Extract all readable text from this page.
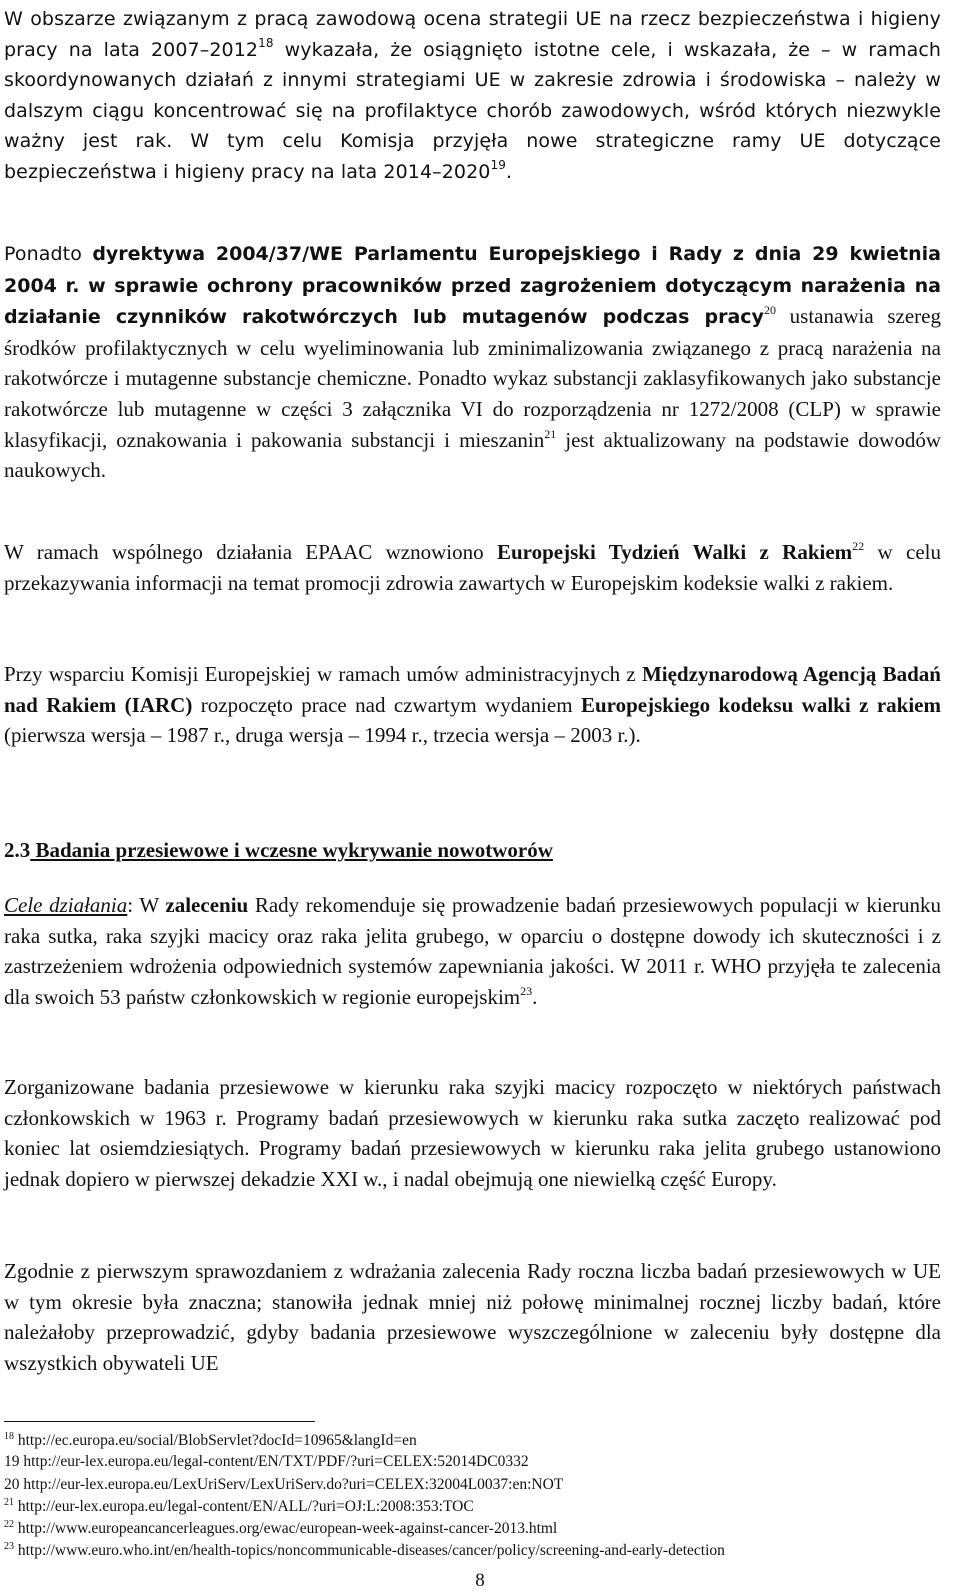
W obszarze związanym z pracą zawodową ocena strategii UE na rzecz bezpieczeństwa i higieny pracy na lata 2007–2012$^{18}$ wykazała, że osiągnięto istotne cele, i wskazała, że – w ramach skoordynowanych działań z innymi strategiami UE w zakresie zdrowia i środowiska – należy w dalszym ciągu koncentrować się na profilaktyce chorób zawodowych, wśród których niezwykle ważny jest rak. W tym celu Komisja przyjęła nowe strategiczne ramy UE dotyczące bezpieczeństwa i higieny pracy na lata 2014–2020$^{19}$.

Ponadto dyrektywa 2004/37/WE Parlamentu Europejskiego i Rady z dnia 29 kwietnia 2004 r. w sprawie ochrony pracowników przed zagrożeniem dotyczącym narażenia na działanie czynników rakotwórczych lub mutagenów podczas pracy$^{20}$ ustanawia szereg środków profilaktycznych w celu wyeliminowania lub zminimalizowania związanego z pracą narażenia na rakotwórcze i mutagenne substancje chemiczne. Ponadto wykaz substancji zaklasyfikowanych jako substancje rakotwórcze lub mutagenne w części 3 załącznika VI do rozporządzenia nr 1272/2008 (CLP) w sprawie klasyfikacji, oznakowania i pakowania substancji i mieszanin$^{21}$ jest aktualizowany na podstawie dowodów naukowych.

W ramach wspólnego działania EPAAC wznowiono Europejski Tydzień Walki z Rakiem$^{22}$ w celu przekazywania informacji na temat promocji zdrowia zawartych w Europejskim kodeksie walki z rakiem.

Przy wsparciu Komisji Europejskiej w ramach umów administracyjnych z Międzynarodową Agencją Badań nad Rakiem (IARC) rozpoczęto prace nad czwartym wydaniem Europejskiego kodeksu walki z rakiem (pierwsza wersja – 1987 r., druga wersja – 1994 r., trzecia wersja – 2003 r.).

2.3 Badania przesiewowe i wczesne wykrywanie nowotworów

Cele działania: W zaleceniu Rady rekomenduje się prowadzenie badań przesiewowych populacji w kierunku raka sutka, raka szyjki macicy oraz raka jelita grubego, w oparciu o dostępne dowody ich skuteczności i z zastrzeżeniem wdrożenia odpowiednich systemów zapewniania jakości. W 2011 r. WHO przyjęła te zalecenia dla swoich 53 państw członkowskich w regionie europejskim$^{23}$.

Zorganizowane badania przesiewowe w kierunku raka szyjki macicy rozpoczęto w niektórych państwach członkowskich w 1963 r. Programy badań przesiewowych w kierunku raka sutka zaczęto realizować pod koniec lat osiemdziesiątych. Programy badań przesiewowych w kierunku raka jelita grubego ustanowiono jednak dopiero w pierwszej dekadzie XXI w., i nadal obejmują one niewielką część Europy.

Zgodnie z pierwszym sprawozdaniem z wdrażania zalecenia Rady roczna liczba badań przesiewowych w UE w tym okresie była znaczna; stanowiła jednak mniej niż połowę minimalnej rocznej liczby badań, które należałoby przeprowadzić, gdyby badania przesiewowe wyszczególnione w zaleceniu były dostępne dla wszystkich obywateli UE

$^{18}$ http://ec.europa.eu/social/BlobServlet?docId=10965&langId=en
19 http://eur-lex.europa.eu/legal-content/EN/TXT/PDF/?uri=CELEX:52014DC0332
20 http://eur-lex.europa.eu/LexUriServ/LexUriServ.do?uri=CELEX:32004L0037:en:NOT
$^{21}$ http://eur-lex.europa.eu/legal-content/EN/ALL/?uri=OJ:L:2008:353:TOC
$^{22}$ http://www.europeancancerleagues.org/ewac/european-week-against-cancer-2013.html
$^{23}$ http://www.euro.who.int/en/health-topics/noncommunicable-diseases/cancer/policy/screening-and-early-detection
8
